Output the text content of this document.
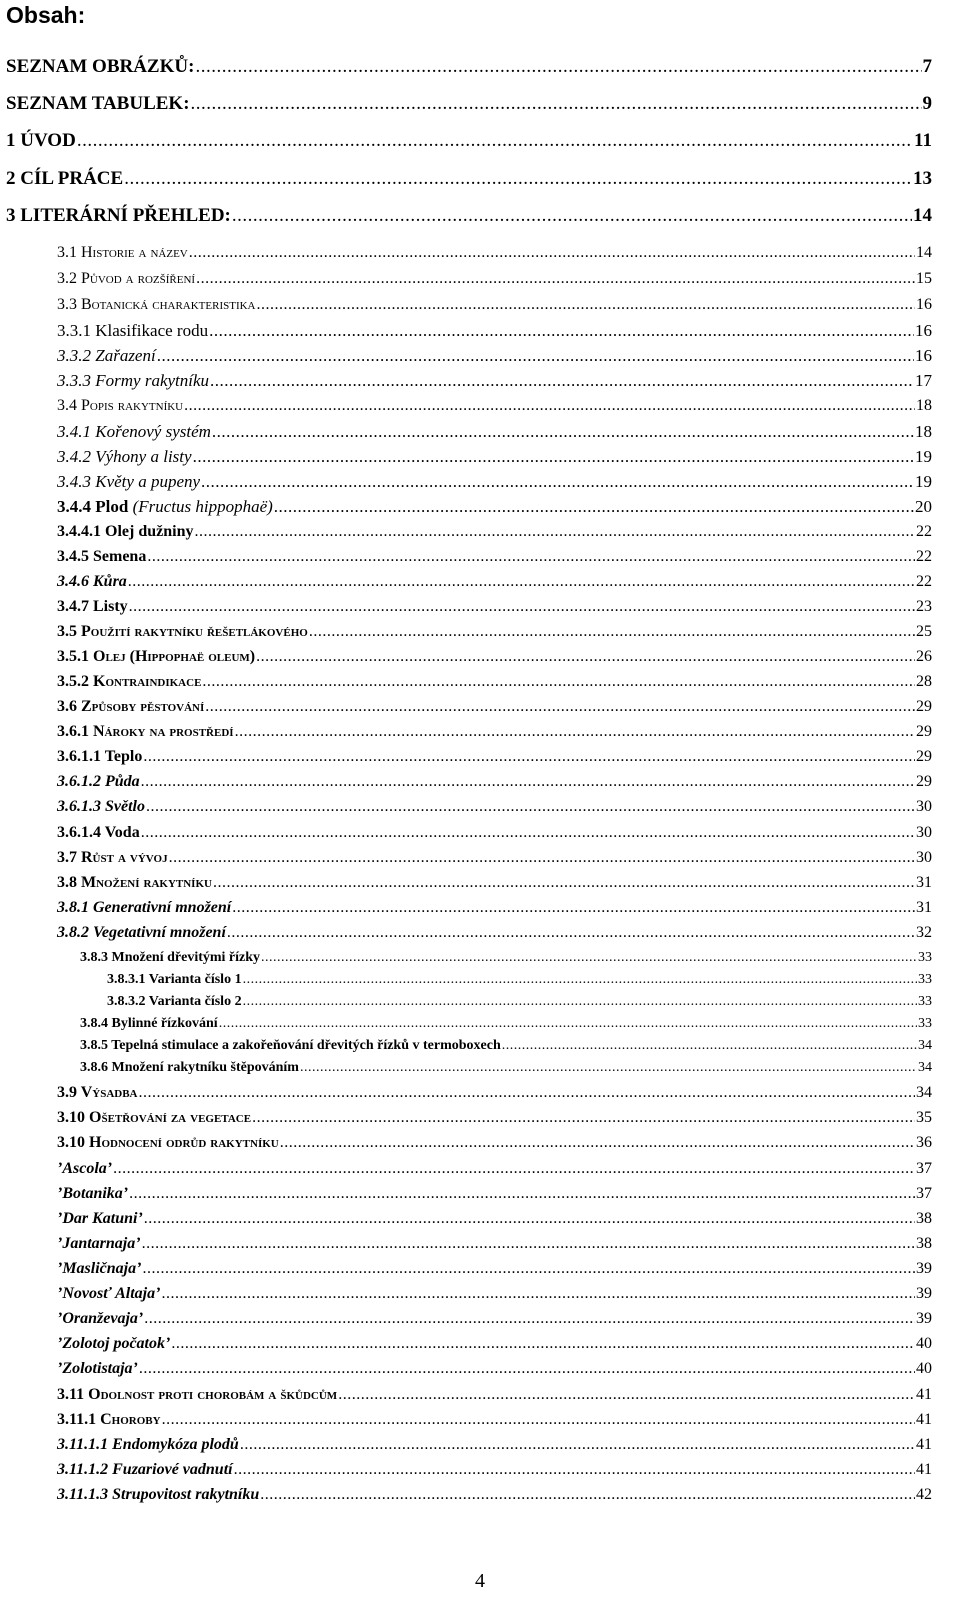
Obsah:
SEZNAM OBRÁZKŮ: .....	7
SEZNAM TABULEK: .....	9
1 ÚVOD .....	11
2 CÍL PRÁCE .....	13
3 LITERÁRNÍ PŘEHLED: .....	14
3.1 Historie a název .....	14
3.2 Původ a rozšíření .....	15
3.3 Botanická charakteristika .....	16
3.3.1 Klasifikace rodu .....	16
3.3.2 Zařazení .....	16
3.3.3 Formy rakytníku .....	17
3.4 Popis rakytníku .....	18
3.4.1 Kořenový systém .....	18
3.4.2 Výhony a listy .....	19
3.4.3 Květy a pupeny .....	19
3.4.4 Plod (Fructus hippophaë) .....	20
3.4.4.1 Olej dužniny .....	22
3.4.5 Semena .....	22
3.4.6 Kůra .....	22
3.4.7 Listy .....	23
3.5 Použití rakytníku řešetlákového .....	25
3.5.1 Olej (Hippophaë oleum) .....	26
3.5.2 Kontraindikace .....	28
3.6 Způsoby pěstování .....	29
3.6.1 Nároky na prostředí .....	29
3.6.1.1 Teplo .....	29
3.6.1.2 Půda .....	29
3.6.1.3 Světlo .....	30
3.6.1.4 Voda .....	30
3.7 Růst a vývoj .....	30
3.8 Množení rakytníku .....	31
3.8.1 Generativní množení .....	31
3.8.2 Vegetativní množení .....	32
3.8.3 Množení dřevitými řízky .....	33
3.8.3.1 Varianta číslo 1 .....	33
3.8.3.2 Varianta číslo 2 .....	33
3.8.4 Bylinné řízkování .....	33
3.8.5 Tepelná stimulace a zakořeňování dřevitých řízků v termoboxech .....	34
3.8.6 Množení rakytníku štěpováním .....	34
3.9 Výsadba .....	34
3.10 Ošetřování za vegetace .....	35
3.10 Hodnocení odrůd rakytníku .....	36
’Ascola’ .....	37
’Botanika’ .....	37
’Dar Katuni’ .....	38
’Jantarnaja’ .....	38
’Masličnaja’ .....	39
’Novosť Altaja’ .....	39
’Oranževaja’ .....	39
’Zolotoj počatok’ .....	40
’Zolotistaja’ .....	40
3.11 Odolnost proti chorobám a škůdcům .....	41
3.11.1 Choroby .....	41
3.11.1.1 Endomykóza plodů .....	41
3.11.1.2 Fuzariové vadnutí .....	41
3.11.1.3 Strupovitost rakytníku .....	42
4
